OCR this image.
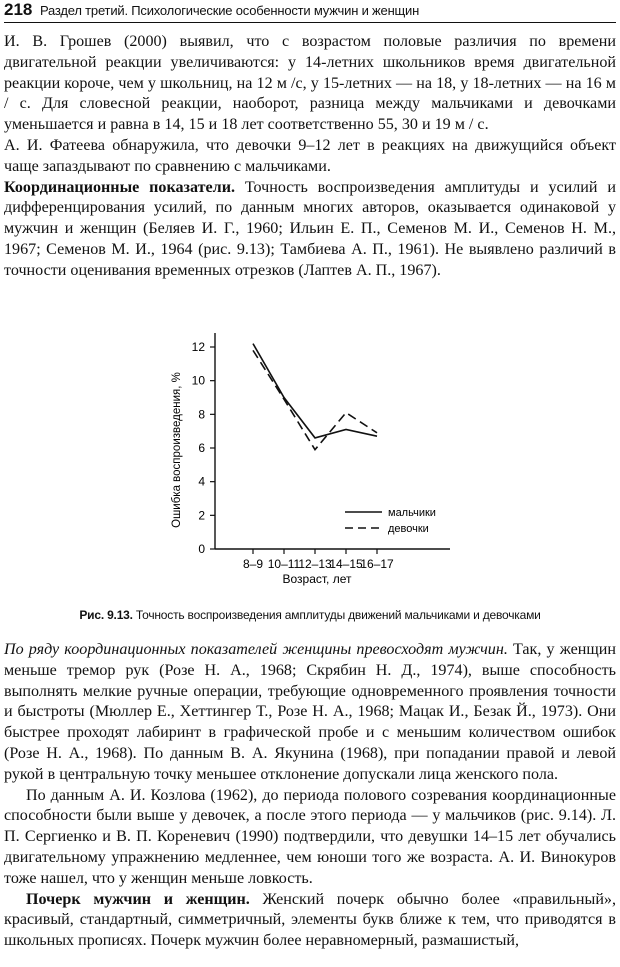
218 Раздел третий. Психологические особенности мужчин и женщин

И. В. Грошев (2000) выявил, что с возрастом половые различия по времени двигательной реакции увеличиваются: у 14-летних школьников время двигательной реакции короче, чем у школьниц, на 12 м /с, у 15-летних — на 18, у 18-летних — на 16 м / с. Для словесной реакции, наоборот, разница между мальчиками и девочками уменьшается и равна в 14, 15 и 18 лет соответственно 55, 30 и 19 м / с.

А. И. Фатеева обнаружила, что девочки 9–12 лет в реакциях на движущийся объект чаще запаздывают по сравнению с мальчиками.

Координационные показатели. Точность воспроизведения амплитуды и усилий и дифференцирования усилий, по данным многих авторов, оказывается одинаковой у мужчин и женщин (Беляев И. Г., 1960; Ильин Е. П., Семенов М. И., Семенов Н. М., 1967; Семенов М. И., 1964 (рис. 9.13); Тамбиева А. П., 1961). Не выявлено различий в точности оценивания временных отрезков (Лаптев А. П., 1967).

0
2
4
6
8
10
12
8–9 10–11
12–13
14–15
16–17
мальчики
девочки
Ошибка воспроизведения, %
Возраст, лет
Рис. 9.13. Точность воспроизведения амплитуды движений мальчиками и девочками

По ряду координационных показателей женщины превосходят мужчин. Так, у женщин меньше тремор рук (Розе Н. А., 1968; Скрябин Н. Д., 1974), выше способность выполнять мелкие ручные операции, требующие одновременного проявления точности и быстроты (Мюллер Е., Хеттингер Т., Розе Н. А., 1968; Мацак И., Безак Й., 1973). Они быстрее проходят лабиринт в графической пробе и с меньшим количеством ошибок (Розе Н. А., 1968). По данным В. А. Якунина (1968), при попадании правой и левой рукой в центральную точку меньшее отклонение допускали лица женского пола.

По данным А. И. Козлова (1962), до периода полового созревания координационные способности были выше у девочек, а после этого периода — у мальчиков (рис. 9.14). Л. П. Сергиенко и В. П. Кореневич (1990) подтвердили, что девушки 14–15 лет обучались двигательному упражнению медленнее, чем юноши того же возраста. А. И. Винокуров тоже нашел, что у женщин меньше ловкость.

Почерк мужчин и женщин. Женский почерк обычно более «правильный», красивый, стандартный, симметричный, элементы букв ближе к тем, что приводятся в школьных прописях. Почерк мужчин более неравномерный, размашистый,
